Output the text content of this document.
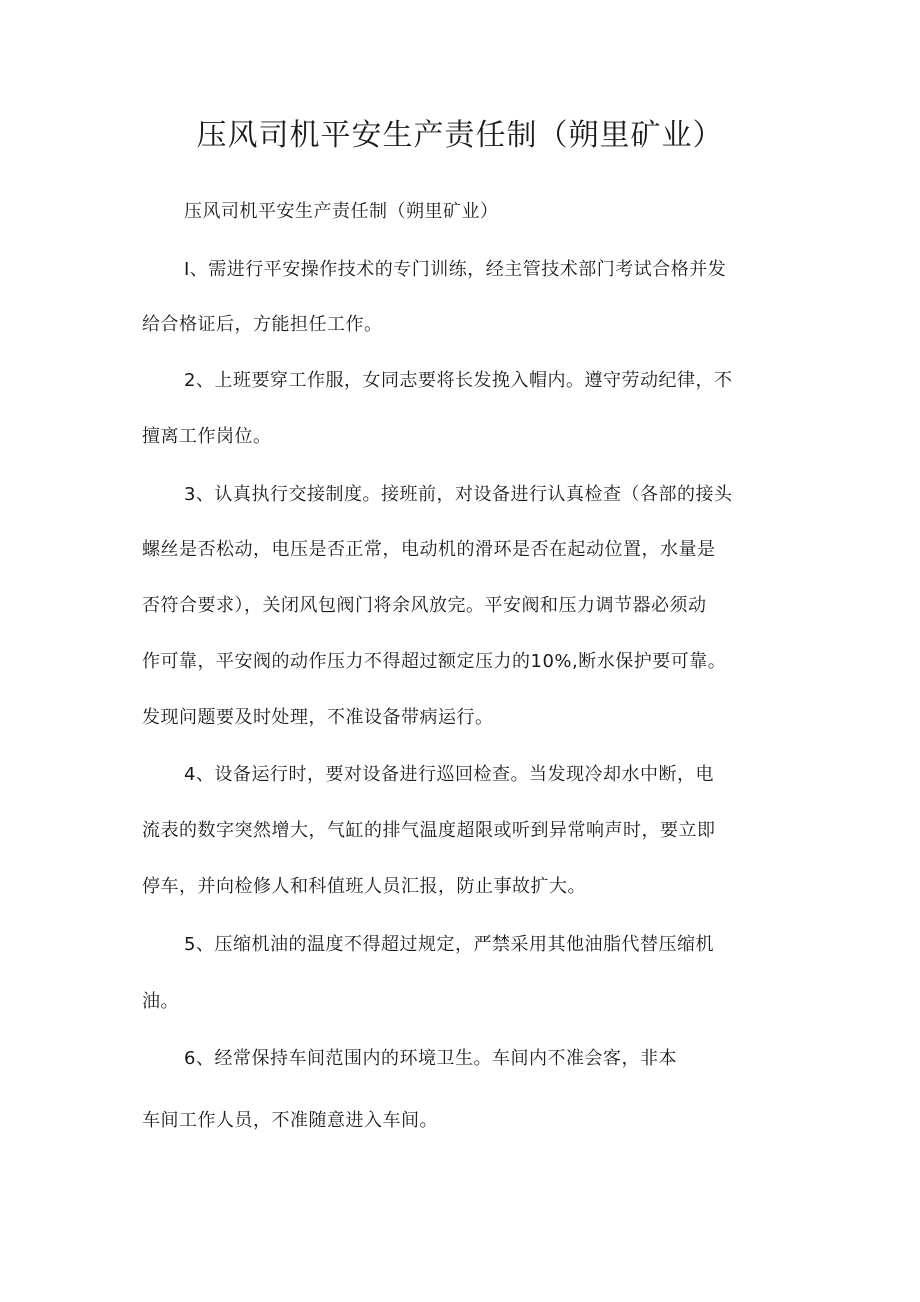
压风司机平安生产责任制（朔里矿业）
压风司机平安生产责任制（朔里矿业）
I、需进行平安操作技术的专门训练，经主管技术部门考试合格并发
给合格证后，方能担任工作。
2、上班要穿工作服，女同志要将长发挽入帽内。遵守劳动纪律，不
擅离工作岗位。
3、认真执行交接制度。接班前，对设备进行认真检查（各部的接头
螺丝是否松动，电压是否正常，电动机的滑环是否在起动位置，水量是
否符合要求），关闭风包阀门将余风放完。平安阀和压力调节器必须动
作可靠，平安阀的动作压力不得超过额定压力的10%,断水保护要可靠。
发现问题要及时处理，不准设备带病运行。
4、设备运行时，要对设备进行巡回检查。当发现冷却水中断，电
流表的数字突然增大，气缸的排气温度超限或听到异常响声时，要立即
停车，并向检修人和科值班人员汇报，防止事故扩大。
5、压缩机油的温度不得超过规定，严禁采用其他油脂代替压缩机
油。
6、经常保持车间范围内的环境卫生。车间内不准会客，非本
车间工作人员，不准随意进入车间。
